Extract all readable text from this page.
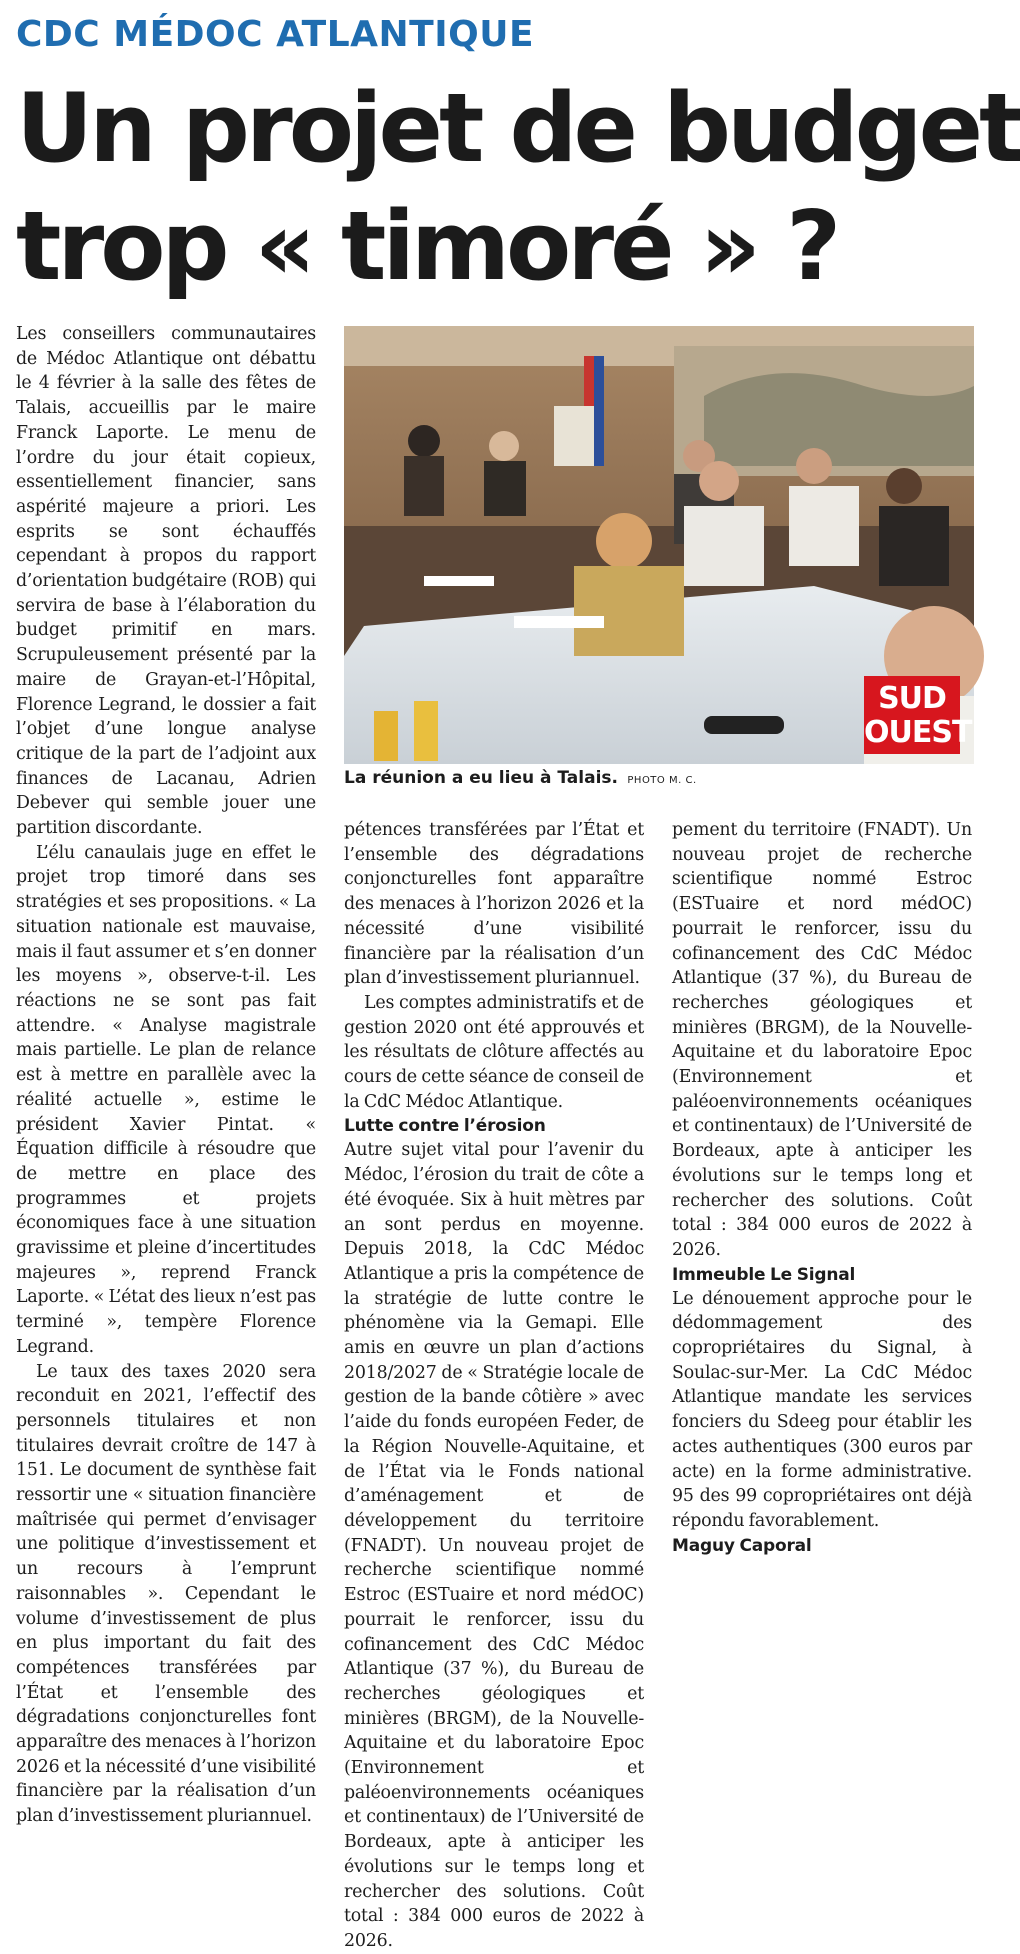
CDC MÉDOC ATLANTIQUE
Un projet de budget
trop « timoré » ?

Les conseillers communautaires de Médoc Atlantique ont débattu le 4 février à la salle des fêtes de Talais, accueillis par le maire Franck Laporte. Le menu de l’ordre du jour était copieux, essentiellement financier, sans aspérité majeure a priori. Les esprits se sont échauffés cependant à propos du rapport d’orientation budgétaire (ROB) qui servira de base à l’élaboration du budget primitif en mars. Scrupuleusement présenté par la maire de Grayan-et-l’Hôpital, Florence Legrand, le dossier a fait l’objet d’une longue analyse critique de la part de l’adjoint aux finances de Lacanau, Adrien Debever qui semble jouer une partition discordante.

L’élu canaulais juge en effet le projet trop timoré dans ses stratégies et ses propositions. « La situation nationale est mauvaise, mais il faut assumer et s’en donner les moyens », observe-t-il. Les réactions ne se sont pas fait attendre. « Analyse magistrale mais partielle. Le plan de relance est à mettre en parallèle avec la réalité actuelle », estime le président Xavier Pintat. « Équation difficile à résoudre que de mettre en place des programmes et projets économiques face à une situation gravissime et pleine d’incertitudes majeures », reprend Franck Laporte. « L’état des lieux n’est pas terminé », tempère Florence Legrand.

Le taux des taxes 2020 sera reconduit en 2021, l’effectif des personnels titulaires et non titulaires devrait croître de 147 à 151. Le document de synthèse fait ressortir une « situation financière maîtrisée qui permet d’envisager une politique d’investissement et un recours à l’emprunt raisonnables ». Cependant le volume d’investissement de plus en plus important du fait des compétences transférées par l’État et l’ensemble des dégradations conjoncturelles font apparaître des menaces à l’horizon 2026 et la nécessité d’une visibilité financière par la réalisation d’un plan d’investissement pluriannuel.

SUD
OUEST
La réunion a eu lieu à Talais. PHOTO M. C.

pétences transférées par l’État et l’ensemble des dégradations conjoncturelles font apparaître des menaces à l’horizon 2026 et la nécessité d’une visibilité financière par la réalisation d’un plan d’investissement pluriannuel.

Les comptes administratifs et de gestion 2020 ont été approuvés et les résultats de clôture affectés au cours de cette séance de conseil de la CdC Médoc Atlantique.

Lutte contre l’érosion

Autre sujet vital pour l’avenir du Médoc, l’érosion du trait de côte a été évoquée. Six à huit mètres par an sont perdus en moyenne. Depuis 2018, la CdC Médoc Atlantique a pris la compétence de la stratégie de lutte contre le phénomène via la Gemapi. Elle amis en œuvre un plan d’actions 2018/2027 de « Stratégie locale de gestion de la bande côtière » avec l’aide du fonds européen Feder, de la Région Nouvelle-Aquitaine, et de l’État via le Fonds national d’aménagement et de développement du territoire (FNADT). Un nouveau projet de recherche scientifique nommé Estroc (ESTuaire et nord médOC) pourrait le renforcer, issu du cofinancement des CdC Médoc Atlantique (37 %), du Bureau de recherches géologiques et minières (BRGM), de la Nouvelle-Aquitaine et du laboratoire Epoc (Environnement et paléoenvironnements océaniques et continentaux) de l’Université de Bordeaux, apte à anticiper les évolutions sur le temps long et rechercher des solutions. Coût total : 384 000 euros de 2022 à 2026.

pement du territoire (FNADT). Un nouveau projet de recherche scientifique nommé Estroc (ESTuaire et nord médOC) pourrait le renforcer, issu du cofinancement des CdC Médoc Atlantique (37 %), du Bureau de recherches géologiques et minières (BRGM), de la Nouvelle-Aquitaine et du laboratoire Epoc (Environnement et paléoenvironnements océaniques et continentaux) de l’Université de Bordeaux, apte à anticiper les évolutions sur le temps long et rechercher des solutions. Coût total : 384 000 euros de 2022 à 2026.

Immeuble Le Signal

Le dénouement approche pour le dédommagement des copropriétaires du Signal, à Soulac-sur-Mer. La CdC Médoc Atlantique mandate les services fonciers du Sdeeg pour établir les actes authentiques (300 euros par acte) en la forme administrative. 95 des 99 copropriétaires ont déjà répondu favorablement.

Maguy Caporal
